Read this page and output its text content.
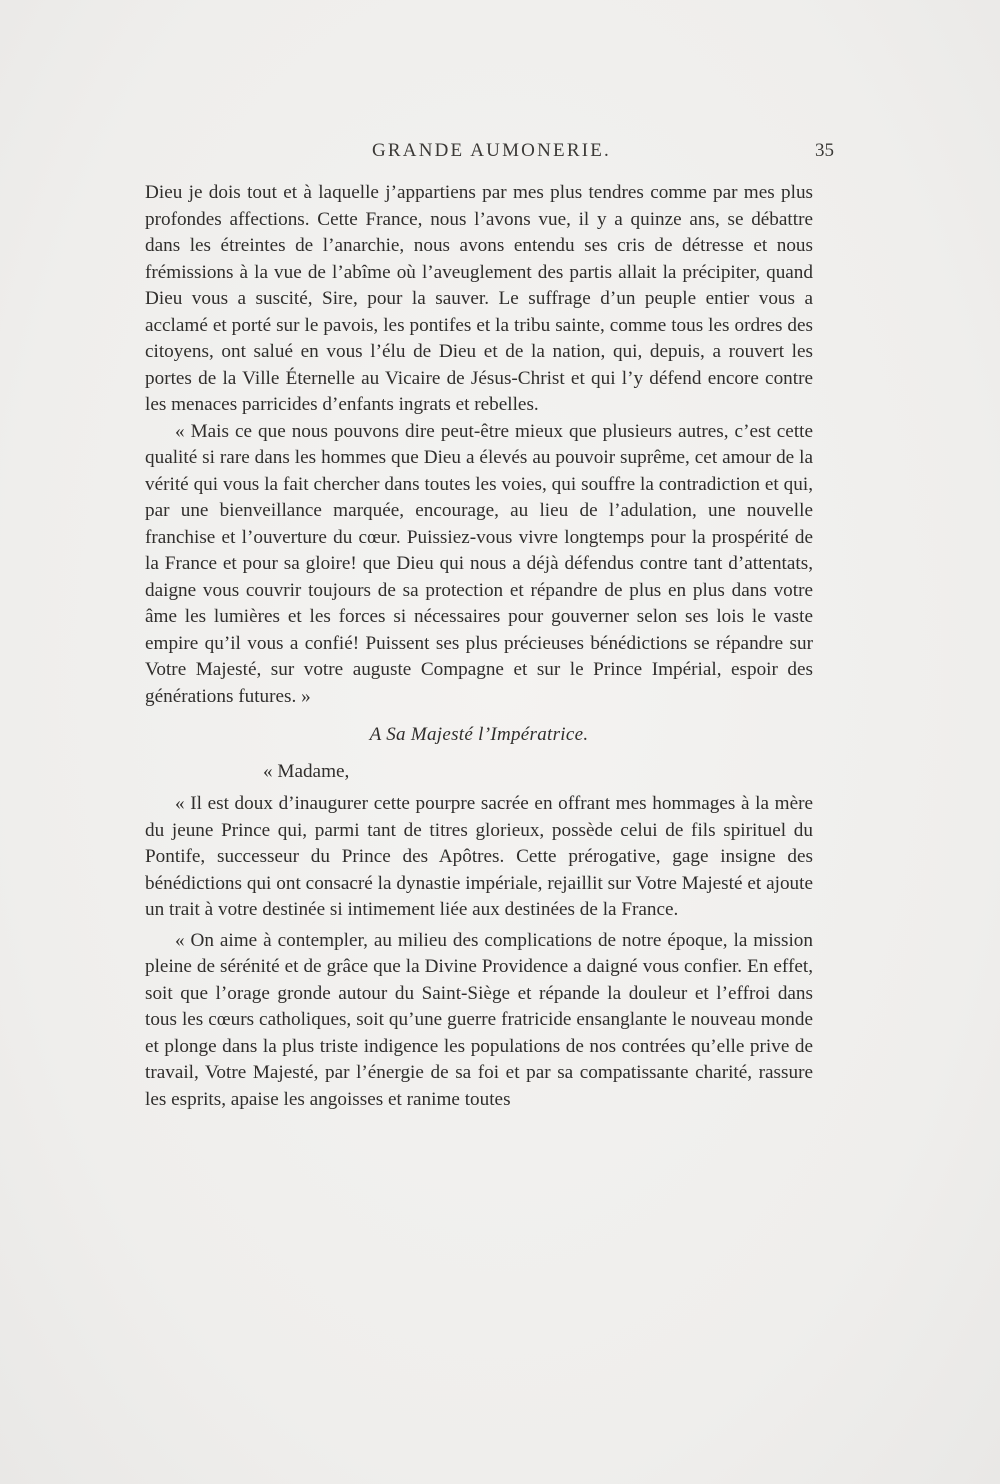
GRANDE AUMONERIE.	35

Dieu je dois tout et à laquelle j’appartiens par mes plus tendres comme par mes plus profondes affections. Cette France, nous l’avons vue, il y a quinze ans, se débattre dans les étreintes de l’anarchie, nous avons entendu ses cris de détresse et nous frémissions à la vue de l’abîme où l’aveuglement des partis allait la précipiter, quand Dieu vous a suscité, Sire, pour la sauver. Le suffrage d’un peuple entier vous a acclamé et porté sur le pavois, les pontifes et la tribu sainte, comme tous les ordres des citoyens, ont salué en vous l’élu de Dieu et de la nation, qui, depuis, a rouvert les portes de la Ville Éternelle au Vicaire de Jésus-Christ et qui l’y défend encore contre les menaces parricides d’enfants ingrats et rebelles.

« Mais ce que nous pouvons dire peut-être mieux que plusieurs autres, c’est cette qualité si rare dans les hommes que Dieu a élevés au pouvoir suprême, cet amour de la vérité qui vous la fait chercher dans toutes les voies, qui souffre la contradiction et qui, par une bienveillance marquée, encourage, au lieu de l’adulation, une nouvelle franchise et l’ouverture du cœur. Puissiez-vous vivre longtemps pour la prospérité de la France et pour sa gloire! que Dieu qui nous a déjà défendus contre tant d’attentats, daigne vous couvrir toujours de sa protection et répandre de plus en plus dans votre âme les lumières et les forces si nécessaires pour gouverner selon ses lois le vaste empire qu’il vous a confié! Puissent ses plus précieuses bénédictions se répandre sur Votre Majesté, sur votre auguste Compagne et sur le Prince Impérial, espoir des générations futures. »

A Sa Majesté l’Impératrice.

« Madame,

« Il est doux d’inaugurer cette pourpre sacrée en offrant mes hommages à la mère du jeune Prince qui, parmi tant de titres glorieux, possède celui de fils spirituel du Pontife, successeur du Prince des Apôtres. Cette prérogative, gage insigne des bénédictions qui ont consacré la dynastie impériale, rejaillit sur Votre Majesté et ajoute un trait à votre destinée si intimement liée aux destinées de la France.

« On aime à contempler, au milieu des complications de notre époque, la mission pleine de sérénité et de grâce que la Divine Providence a daigné vous confier. En effet, soit que l’orage gronde autour du Saint-Siège et répande la douleur et l’effroi dans tous les cœurs catholiques, soit qu’une guerre fratricide ensanglante le nouveau monde et plonge dans la plus triste indigence les populations de nos contrées qu’elle prive de travail, Votre Majesté, par l’énergie de sa foi et par sa compatissante charité, rassure les esprits, apaise les angoisses et ranime toutes
